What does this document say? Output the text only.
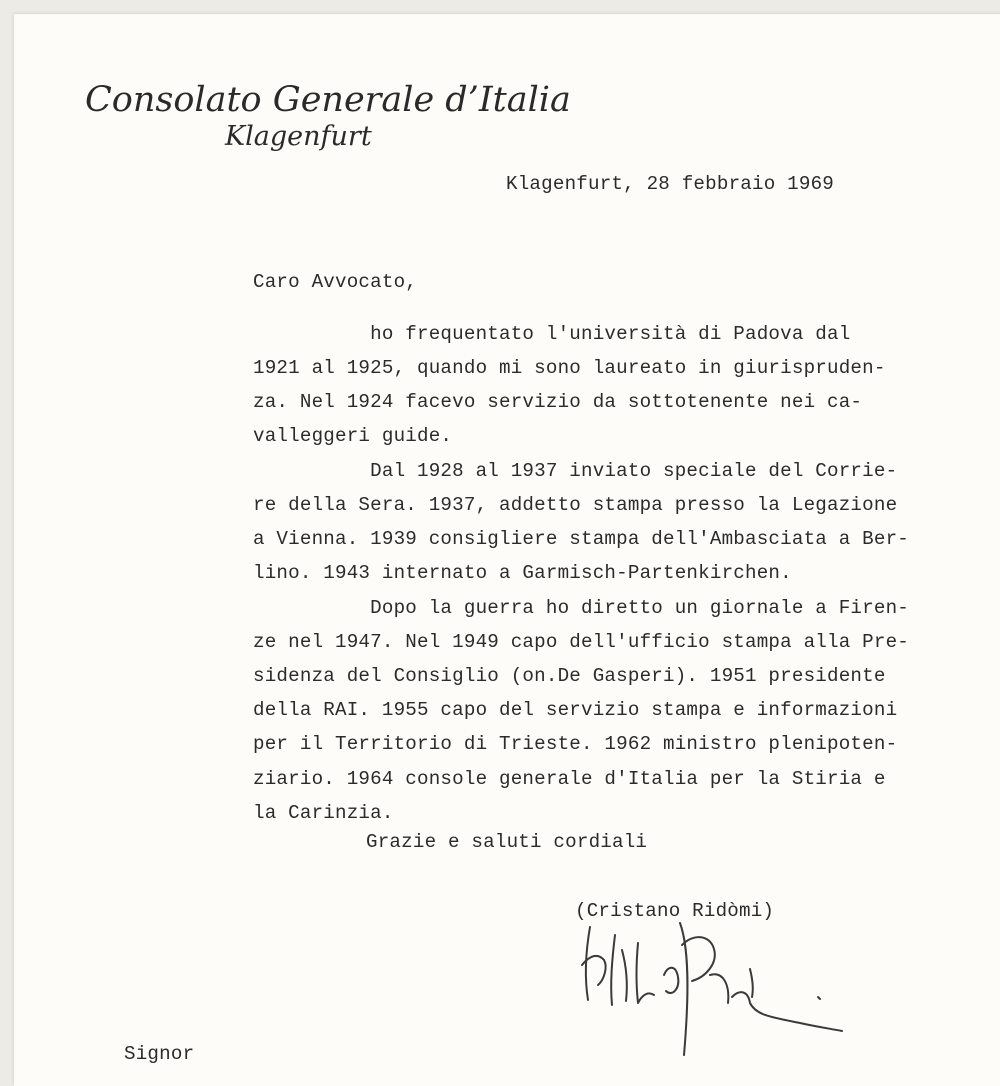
Consolato Generale d’Italia
Klagenfurt
Klagenfurt, 28 febbraio 1969
Caro Avvocato,
ho frequentato l'università di Padova dal
1921 al 1925, quando mi sono laureato in giurispruden-
za. Nel 1924 facevo servizio da sottotenente nei ca-
valleggeri guide.
Dal 1928 al 1937 inviato speciale del Corrie-
re della Sera. 1937, addetto stampa presso la Legazione
a Vienna. 1939 consigliere stampa dell'Ambasciata a Ber-
lino. 1943 internato a Garmisch-Partenkirchen.
Dopo la guerra ho diretto un giornale a Firen-
ze nel 1947. Nel 1949 capo dell'ufficio stampa alla Pre-
sidenza del Consiglio (on.De Gasperi). 1951 presidente
della RAI. 1955 capo del servizio stampa e informazioni
per il Territorio di Trieste. 1962 ministro plenipoten-
ziario. 1964 console generale d'Italia per la Stiria e
la Carinzia.
Grazie e saluti cordiali
(Cristano Ridòmi)
Signor
